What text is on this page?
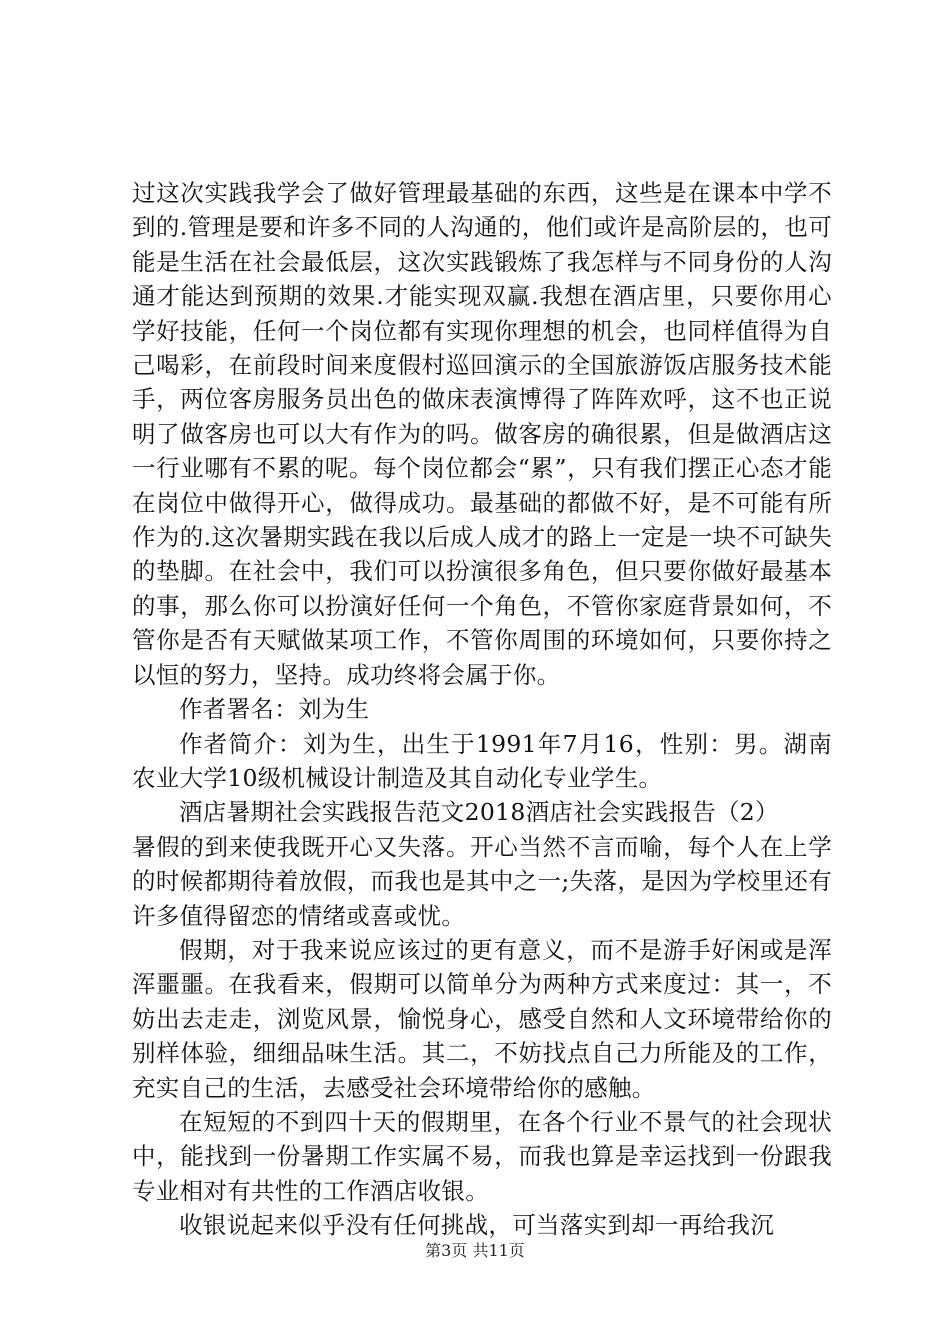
过这次实践我学会了做好管理最基础的东西，这些是在课本中学不到的.管理是要和许多不同的人沟通的，他们或许是高阶层的，也可能是生活在社会最低层，这次实践锻炼了我怎样与不同身份的人沟通才能达到预期的效果.才能实现双赢.我想在酒店里，只要你用心学好技能，任何一个岗位都有实现你理想的机会，也同样值得为自己喝彩，在前段时间来度假村巡回演示的全国旅游饭店服务技术能手，两位客房服务员出色的做床表演博得了阵阵欢呼，这不也正说明了做客房也可以大有作为的吗。做客房的确很累，但是做酒店这一行业哪有不累的呢。每个岗位都会“累”，只有我们摆正心态才能在岗位中做得开心，做得成功。最基础的都做不好，是不可能有所作为的.这次暑期实践在我以后成人成才的路上一定是一块不可缺失的垫脚。在社会中，我们可以扮演很多角色，但只要你做好最基本的事，那么你可以扮演好任何一个角色，不管你家庭背景如何，不管你是否有天赋做某项工作，不管你周围的环境如何，只要你持之以恒的努力，坚持。成功终将会属于你。

作者署名：刘为生

作者简介：刘为生，出生于1991年7月16，性别：男。湖南农业大学10级机械设计制造及其自动化专业学生。

酒店暑期社会实践报告范文2018酒店社会实践报告（2）

暑假的到来使我既开心又失落。开心当然不言而喻，每个人在上学的时候都期待着放假，而我也是其中之一;失落，是因为学校里还有许多值得留恋的情绪或喜或忧。

假期，对于我来说应该过的更有意义，而不是游手好闲或是浑浑噩噩。在我看来，假期可以简单分为两种方式来度过：其一，不妨出去走走，浏览风景，愉悦身心，感受自然和人文环境带给你的别样体验，细细品味生活。其二，不妨找点自己力所能及的工作，充实自己的生活，去感受社会环境带给你的感触。

在短短的不到四十天的假期里，在各个行业不景气的社会现状中，能找到一份暑期工作实属不易，而我也算是幸运找到一份跟我专业相对有共性的工作酒店收银。

收银说起来似乎没有任何挑战，可当落实到却一再给我沉

第3页 共11页
